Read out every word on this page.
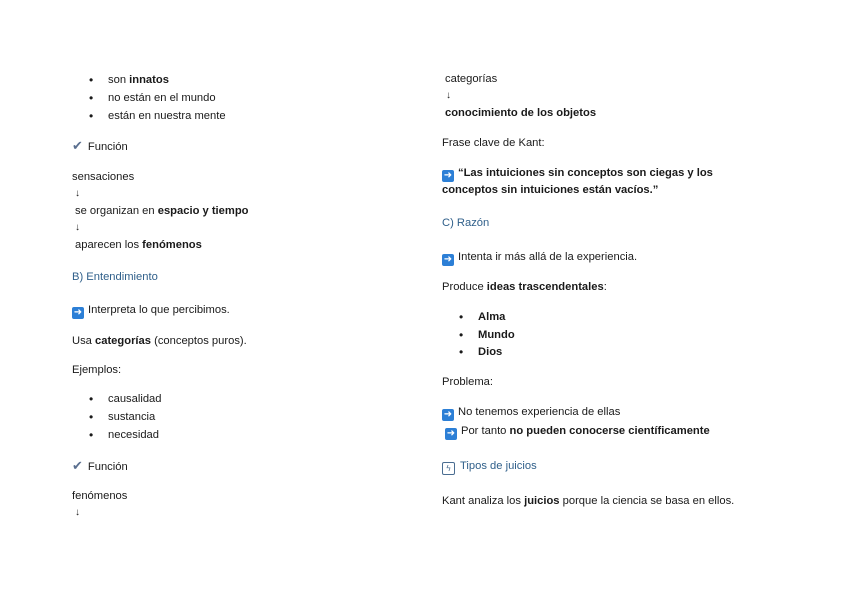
• son innatos
• no están en el mundo
• están en nuestra mente
✔ Función
sensaciones
↓
se organizan en espacio y tiempo
↓
aparecen los fenómenos
B) Entendimiento
➜ Interpreta lo que percibimos.
Usa categorías (conceptos puros).
Ejemplos:
• causalidad
• sustancia
• necesidad
✔ Función
fenómenos
↓
categorías
↓
conocimiento de los objetos
Frase clave de Kant:
➜ “Las intuiciones sin conceptos son ciegas y los
conceptos sin intuiciones están vacíos.”
C) Razón
➜ Intenta ir más allá de la experiencia.
Produce ideas trascendentales:
• Alma
• Mundo
• Dios
Problema:
➜ No tenemos experiencia de ellas
➜ Por tanto no pueden conocerse científicamente
ϟ Tipos de juicios
Kant analiza los juicios porque la ciencia se basa en ellos.
